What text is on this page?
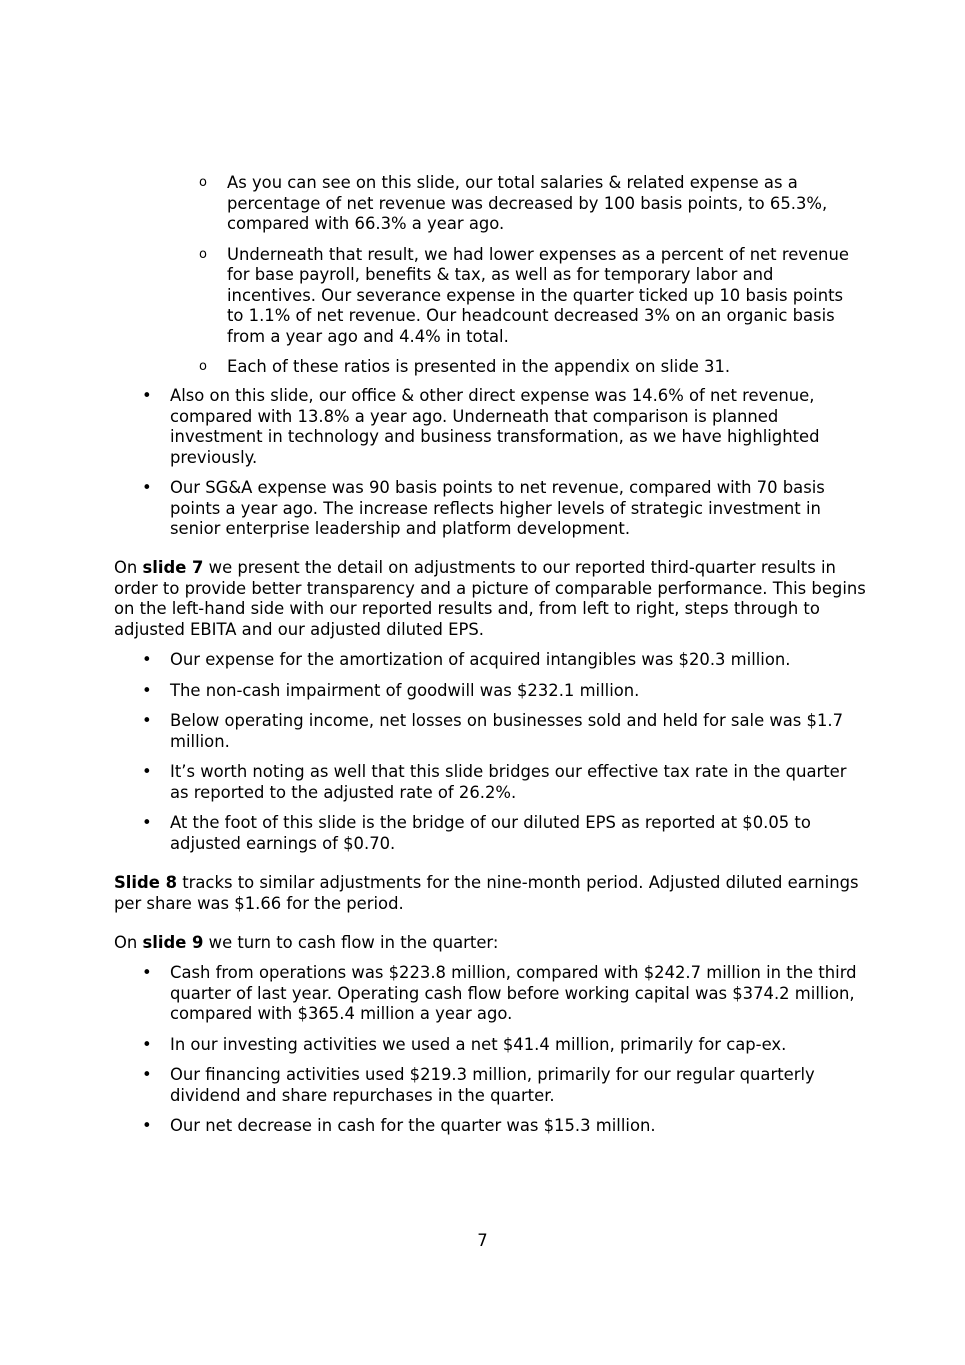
o	As you can see on this slide, our total salaries & related expense as a percentage of net revenue was decreased by 100 basis points, to 65.3%, compared with 66.3% a year ago.
o	Underneath that result, we had lower expenses as a percent of net revenue for base payroll, benefits & tax, as well as for temporary labor and incentives. Our severance expense in the quarter ticked up 10 basis points to 1.1% of net revenue. Our headcount decreased 3% on an organic basis from a year ago and 4.4% in total.
o	Each of these ratios is presented in the appendix on slide 31.
• Also on this slide, our office & other direct expense was 14.6% of net revenue, compared with 13.8% a year ago. Underneath that comparison is planned investment in technology and business transformation, as we have highlighted previously.
• Our SG&A expense was 90 basis points to net revenue, compared with 70 basis points a year ago. The increase reflects higher levels of strategic investment in senior enterprise leadership and platform development.

On slide 7 we present the detail on adjustments to our reported third-quarter results in order to provide better transparency and a picture of comparable performance. This begins on the left-hand side with our reported results and, from left to right, steps through to adjusted EBITA and our adjusted diluted EPS.

• Our expense for the amortization of acquired intangibles was $20.3 million.
• The non-cash impairment of goodwill was $232.1 million.
• Below operating income, net losses on businesses sold and held for sale was $1.7 million.
• It’s worth noting as well that this slide bridges our effective tax rate in the quarter as reported to the adjusted rate of 26.2%.
• At the foot of this slide is the bridge of our diluted EPS as reported at $0.05 to adjusted earnings of $0.70.

Slide 8 tracks to similar adjustments for the nine-month period. Adjusted diluted earnings per share was $1.66 for the period.

On slide 9 we turn to cash flow in the quarter:

• Cash from operations was $223.8 million, compared with $242.7 million in the third quarter of last year. Operating cash flow before working capital was $374.2 million, compared with $365.4 million a year ago.
• In our investing activities we used a net $41.4 million, primarily for cap-ex.
• Our financing activities used $219.3 million, primarily for our regular quarterly dividend and share repurchases in the quarter.
• Our net decrease in cash for the quarter was $15.3 million.
7
